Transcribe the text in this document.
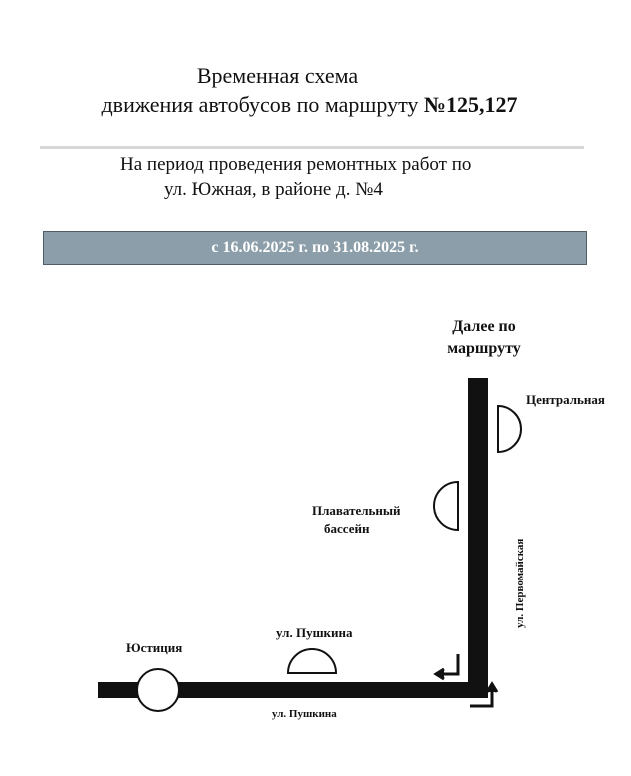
Временная схема
движения автобусов по маршруту №125,127
На период проведения ремонтных работ по
ул. Южная, в районе д. №4
с 16.06.2025 г. по 31.08.2025 г.
Далее по
маршруту
Центральная
Плавательный
бассейн
ул. Пушкина
Юстиция
ул. Пушкина
ул. Первомайская
